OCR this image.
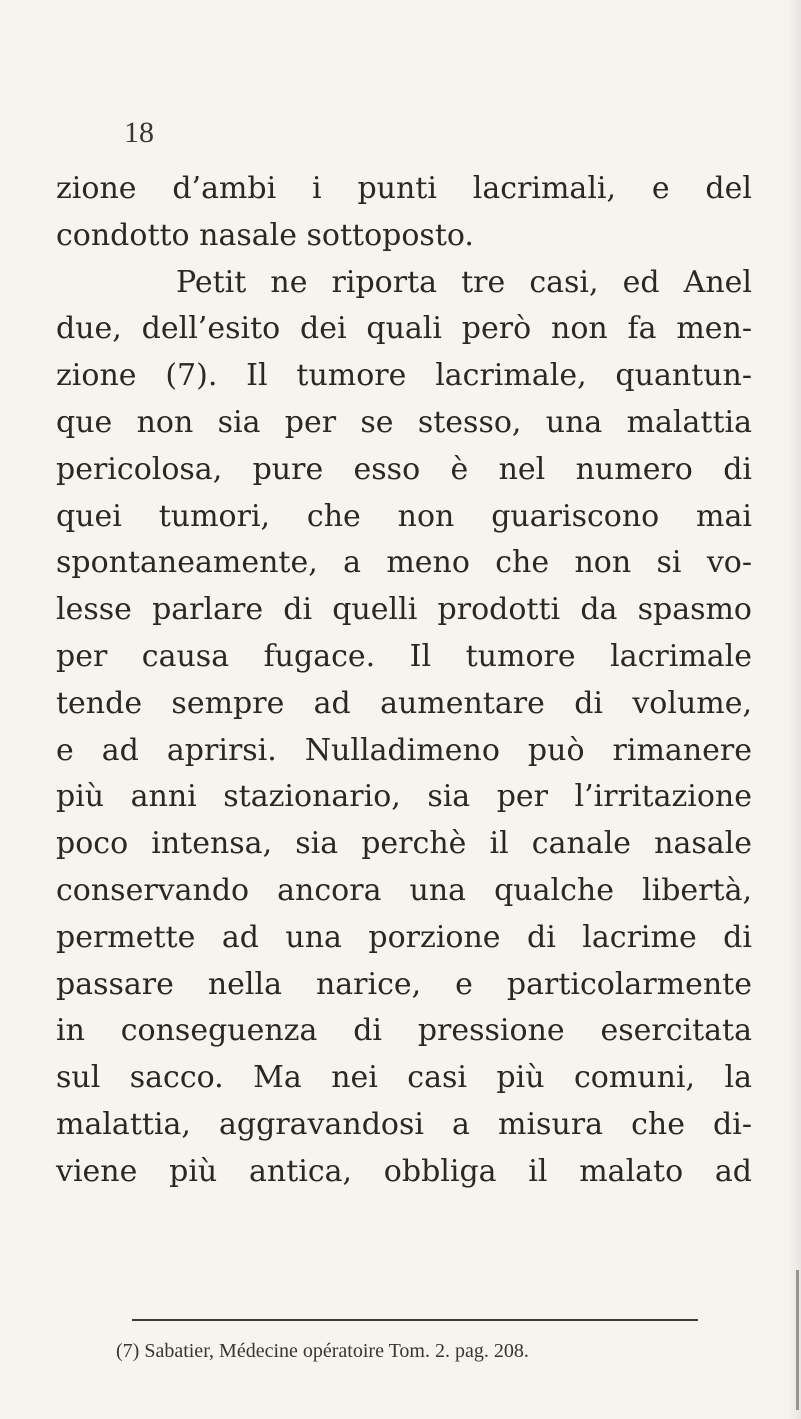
18
zione d’ambi i punti lacrimali, e del
condotto nasale sottoposto.
Petit ne riporta tre casi, ed Anel
due, dell’esito dei quali però non fa men-
zione (7). Il tumore lacrimale, quantun-
que non sia per se stesso, una malattia
pericolosa, pure esso è nel numero di
quei tumori, che non guariscono mai
spontaneamente, a meno che non si vo-
lesse parlare di quelli prodotti da spasmo
per causa fugace. Il tumore lacrimale
tende sempre ad aumentare di volume,
e ad aprirsi. Nulladimeno può rimanere
più anni stazionario, sia per l’irritazione
poco intensa, sia perchè il canale nasale
conservando ancora una qualche libertà,
permette ad una porzione di lacrime di
passare nella narice, e particolarmente
in conseguenza di pressione esercitata
sul sacco. Ma nei casi più comuni, la
malattia, aggravandosi a misura che di-
viene più antica, obbliga il malato ad
(7) Sabatier, Médecine opératoire Tom. 2. pag. 208.
